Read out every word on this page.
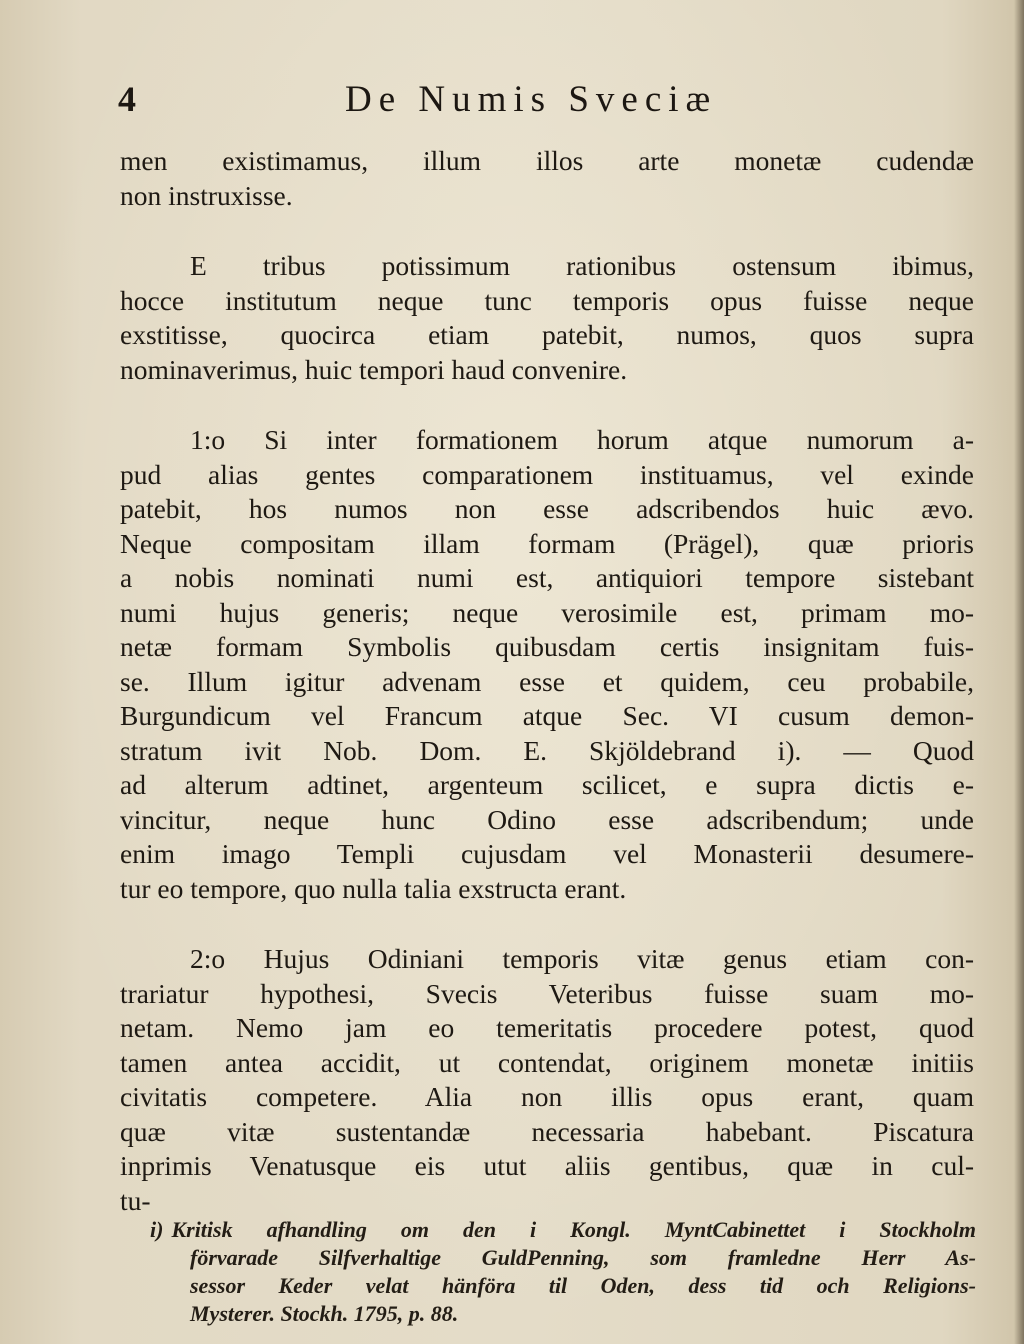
4	De Numis Sveciæ
men existimamus, illum illos arte monetæ cudendæ
non instruxisse.
E tribus potissimum rationibus ostensum ibimus,
hocce institutum neque tunc temporis opus fuisse neque
exstitisse, quocirca etiam patebit, numos, quos supra
nominaverimus, huic tempori haud convenire.
1:o Si inter formationem horum atque numorum a-
pud alias gentes comparationem instituamus, vel exinde
patebit, hos numos non esse adscribendos huic ævo.
Neque compositam illam formam (Prägel), quæ prioris
a nobis nominati numi est, antiquiori tempore sistebant
numi hujus generis; neque verosimile est, primam mo-
netæ formam Symbolis quibusdam certis insignitam fuis-
se. Illum igitur advenam esse et quidem, ceu probabile,
Burgundicum vel Francum atque Sec. VI cusum demon-
stratum ivit Nob. Dom. E. Skjöldebrand i). — Quod
ad alterum adtinet, argenteum scilicet, e supra dictis e-
vincitur, neque hunc Odino esse adscribendum; unde
enim imago Templi cujusdam vel Monasterii desumere-
tur eo tempore, quo nulla talia exstructa erant.
2:o Hujus Odiniani temporis vitæ genus etiam con-
trariatur hypothesi, Svecis Veteribus fuisse suam mo-
netam. Nemo jam eo temeritatis procedere potest, quod
tamen antea accidit, ut contendat, originem monetæ initiis
civitatis competere. Alia non illis opus erant, quam
quæ vitæ sustentandæ necessaria habebant. Piscatura
inprimis Venatusque eis utut aliis gentibus, quæ in cul-
tu-
i) Kritisk afhandling om den i Kongl. MyntCabinettet i Stockholm
förvarade Silfverhaltige GuldPenning, som framledne Herr As-
sessor Keder velat hänföra til Oden, dess tid och Religions-
Mysterer. Stockh. 1795, p. 88.
